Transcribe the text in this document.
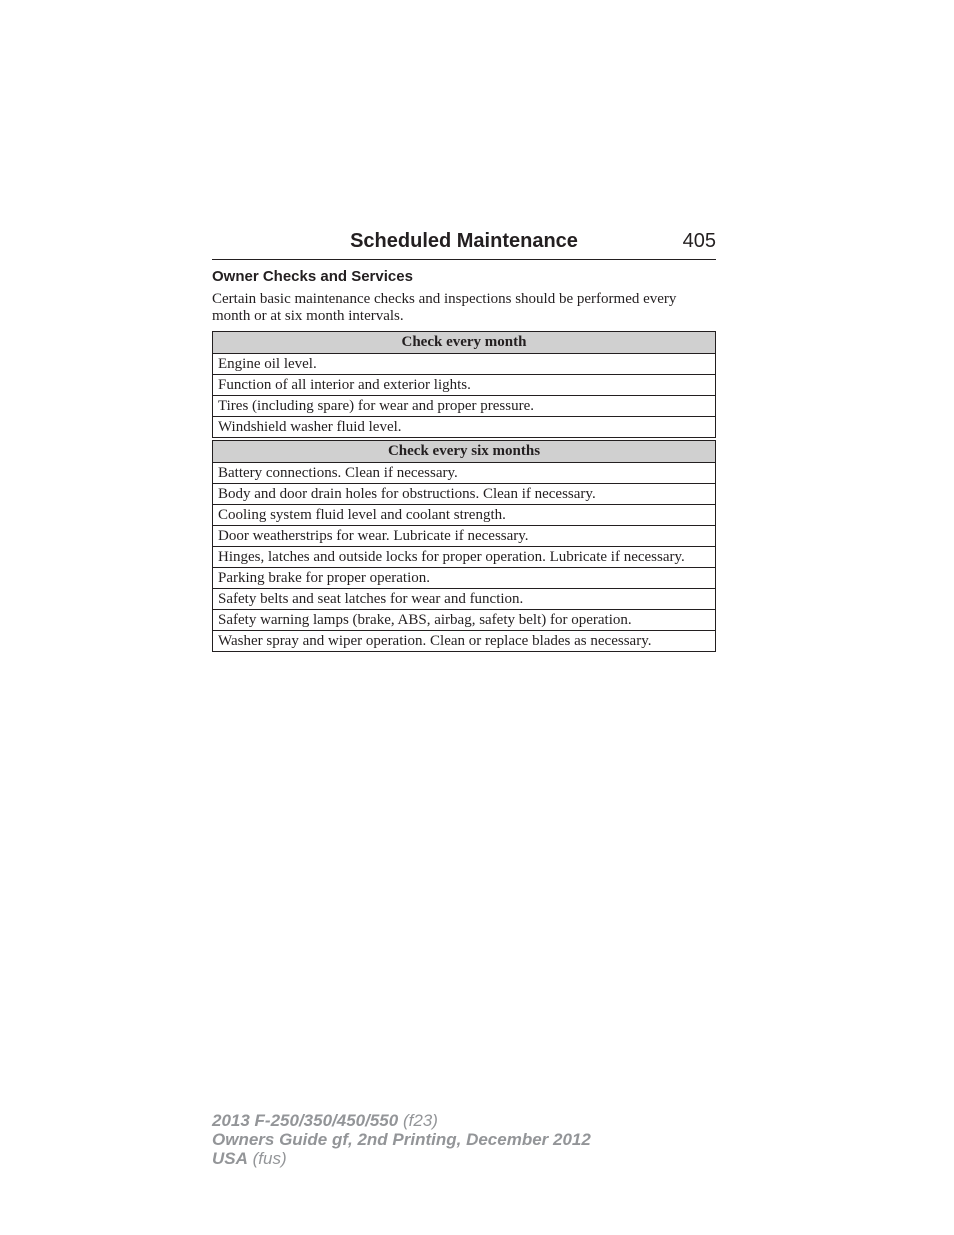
Scheduled Maintenance	405
Owner Checks and Services
Certain basic maintenance checks and inspections should be performed every month or at six month intervals.
Check every month
Engine oil level.
Function of all interior and exterior lights.
Tires (including spare) for wear and proper pressure.
Windshield washer fluid level.
Check every six months
Battery connections. Clean if necessary.
Body and door drain holes for obstructions. Clean if necessary.
Cooling system fluid level and coolant strength.
Door weatherstrips for wear. Lubricate if necessary.
Hinges, latches and outside locks for proper operation. Lubricate if necessary.
Parking brake for proper operation.
Safety belts and seat latches for wear and function.
Safety warning lamps (brake, ABS, airbag, safety belt) for operation.
Washer spray and wiper operation. Clean or replace blades as necessary.
2013 F-250/350/450/550 (f23)
Owners Guide gf, 2nd Printing, December 2012
USA (fus)
